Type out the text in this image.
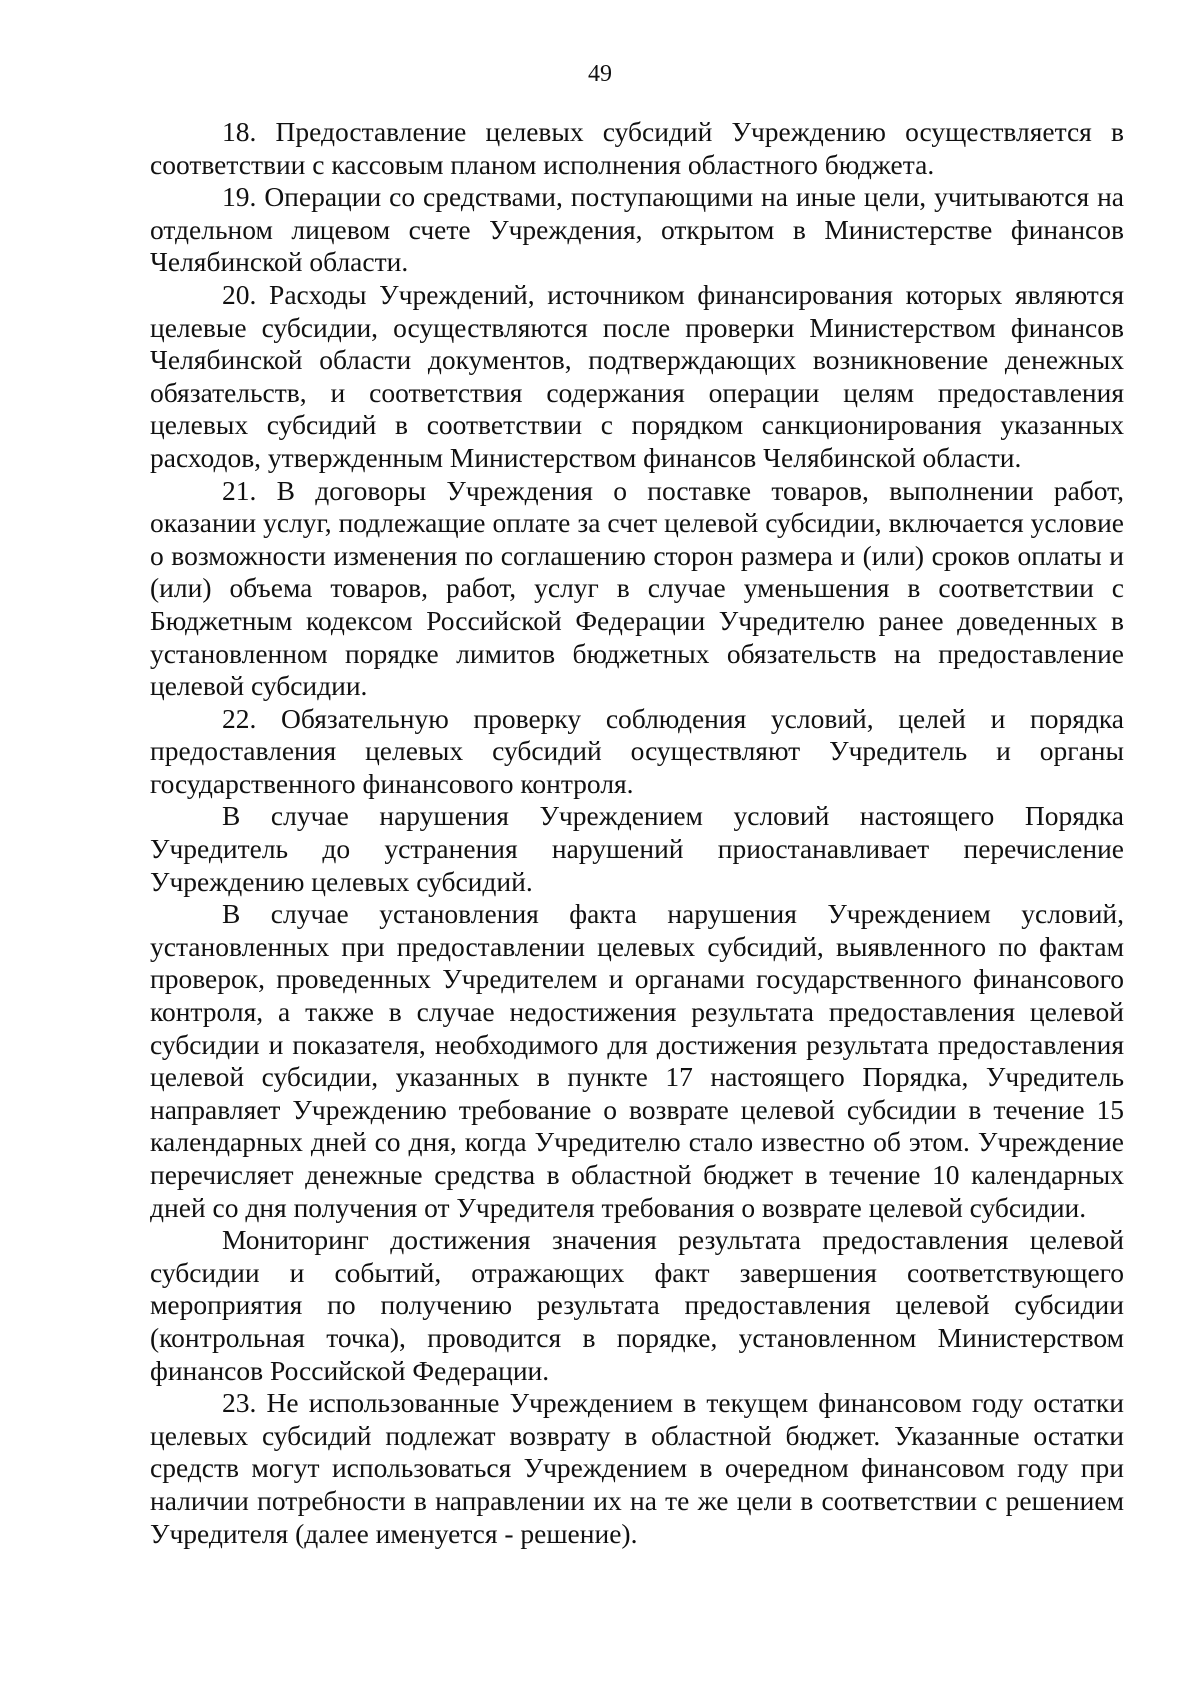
49

18. Предоставление целевых субсидий Учреждению осуществляется в соответствии с кассовым планом исполнения областного бюджета.

19. Операции со средствами, поступающими на иные цели, учитываются на отдельном лицевом счете Учреждения, открытом в Министерстве финансов Челябинской области.

20. Расходы Учреждений, источником финансирования которых являются целевые субсидии, осуществляются после проверки Министерством финансов Челябинской области документов, подтверждающих возникновение денежных обязательств, и соответствия содержания операции целям предоставления целевых субсидий в соответствии с порядком санкционирования указанных расходов, утвержденным Министерством финансов Челябинской области.

21. В договоры Учреждения о поставке товаров, выполнении работ, оказании услуг, подлежащие оплате за счет целевой субсидии, включается условие о возможности изменения по соглашению сторон размера и (или) сроков оплаты и (или) объема товаров, работ, услуг в случае уменьшения в соответствии с Бюджетным кодексом Российской Федерации Учредителю ранее доведенных в установленном порядке лимитов бюджетных обязательств на предоставление целевой субсидии.

22. Обязательную проверку соблюдения условий, целей и порядка предоставления целевых субсидий осуществляют Учредитель и органы государственного финансового контроля.

В случае нарушения Учреждением условий настоящего Порядка Учредитель до устранения нарушений приостанавливает перечисление Учреждению целевых субсидий.

В случае установления факта нарушения Учреждением условий, установленных при предоставлении целевых субсидий, выявленного по фактам проверок, проведенных Учредителем и органами государственного финансового контроля, а также в случае недостижения результата предоставления целевой субсидии и показателя, необходимого для достижения результата предоставления целевой субсидии, указанных в пункте 17 настоящего Порядка, Учредитель направляет Учреждению требование о возврате целевой субсидии в течение 15 календарных дней со дня, когда Учредителю стало известно об этом. Учреждение перечисляет денежные средства в областной бюджет в течение 10 календарных дней со дня получения от Учредителя требования о возврате целевой субсидии.

Мониторинг достижения значения результата предоставления целевой субсидии и событий, отражающих факт завершения соответствующего мероприятия по получению результата предоставления целевой субсидии (контрольная точка), проводится в порядке, установленном Министерством финансов Российской Федерации.

23. Не использованные Учреждением в текущем финансовом году остатки целевых субсидий подлежат возврату в областной бюджет. Указанные остатки средств могут использоваться Учреждением в очередном финансовом году при наличии потребности в направлении их на те же цели в соответствии с решением Учредителя (далее именуется - решение).
